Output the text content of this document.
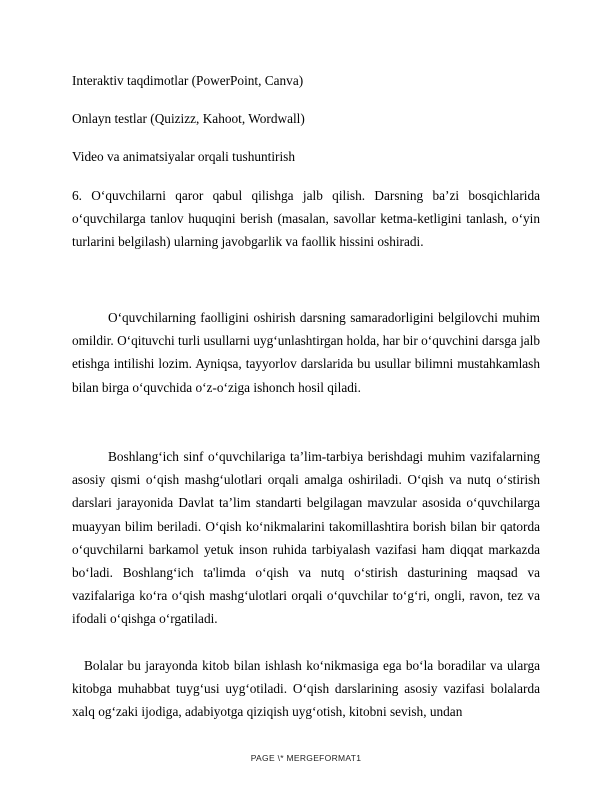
Interaktiv taqdimotlar (PowerPoint, Canva)
Onlayn testlar (Quizizz, Kahoot, Wordwall)
Video va animatsiyalar orqali tushuntirish
6. O‘quvchilarni qaror qabul qilishga jalb qilish. Darsning ba’zi bosqichlarida o‘quvchilarga tanlov huquqini berish (masalan, savollar ketma-ketligini tanlash, o‘yin turlarini belgilash) ularning javobgarlik va faollik hissini oshiradi.
O‘quvchilarning faolligini oshirish darsning samaradorligini belgilovchi muhim omildir. O‘qituvchi turli usullarni uyg‘unlashtirgan holda, har bir o‘quvchini darsga jalb etishga intilishi lozim. Ayniqsa, tayyorlov darslarida bu usullar bilimni mustahkamlash bilan birga o‘quvchida o‘z-o‘ziga ishonch hosil qiladi.
Boshlang‘ich sinf o‘quvchilariga ta’lim-tarbiya berishdagi muhim vazifalarning asosiy qismi o‘qish mashg‘ulotlari orqali amalga oshiriladi. O‘qish va nutq o‘stirish darslari jarayonida Davlat ta’lim standarti belgilagan mavzular asosida o‘quvchilarga muayyan bilim beriladi. O‘qish ko‘nikmalarini takomillashtira borish bilan bir qatorda o‘quvchilarni barkamol yetuk inson ruhida tarbiyalash vazifasi ham diqqat markazda bo‘ladi. Boshlang‘ich ta'limda o‘qish va nutq o‘stirish dasturining maqsad va vazifalariga ko‘ra o‘qish mashg‘ulotlari orqali o‘quvchilar to‘g‘ri, ongli, ravon, tez va ifodali o‘qishga o‘rgatiladi.
Bolalar bu jarayonda kitob bilan ishlash ko‘nikmasiga ega bo‘la boradilar va ularga kitobga muhabbat tuyg‘usi uyg‘otiladi. O‘qish darslarining asosiy vazifasi bolalarda xalq og‘zaki ijodiga, adabiyotga qiziqish uyg‘otish, kitobni sevish, undan
PAGE \* MERGEFORMAT1
